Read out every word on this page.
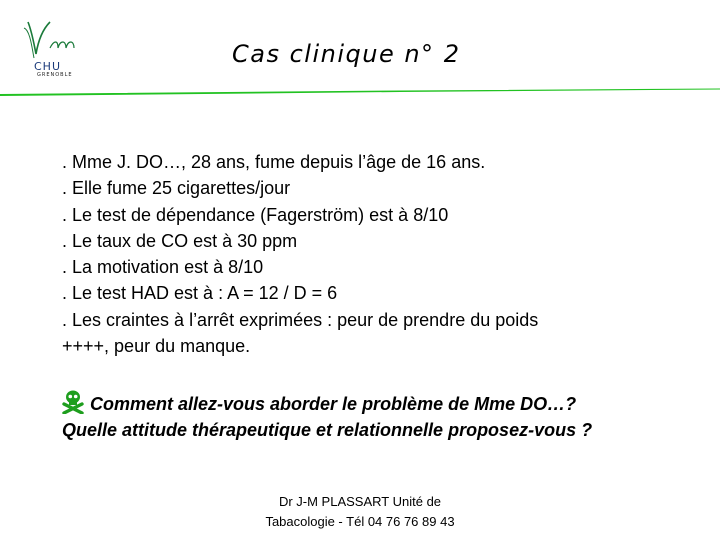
CHU
GRENOBLE
Cas clinique n° 2
. Mme J. DO…, 28 ans, fume depuis l’âge de 16 ans.
. Elle fume 25 cigarettes/jour
. Le test de dépendance (Fagerström) est à 8/10
. Le taux de CO est à 30 ppm
. La motivation est à 8/10
. Le test HAD est à : A = 12 / D = 6
. Les craintes à l’arrêt exprimées : peur de prendre du poids
++++, peur du manque.
Comment allez-vous aborder le problème de Mme DO…?
Quelle attitude thérapeutique et relationnelle proposez-vous ?
Dr J-M PLASSART Unité de
Tabacologie - Tél 04 76 76 89 43
